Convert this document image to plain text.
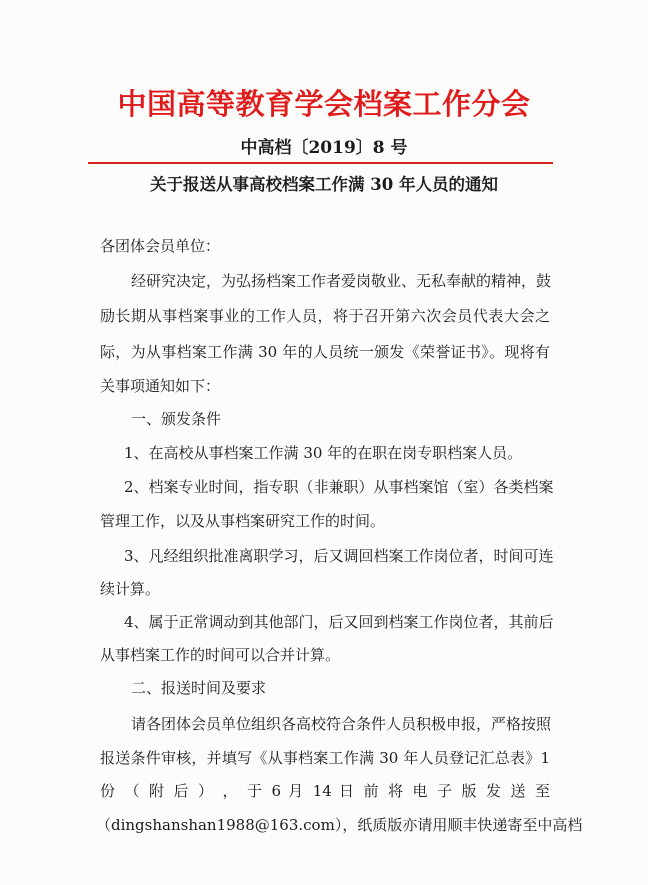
中国高等教育学会档案工作分会
中高档〔2019〕8 号
关于报送从事高校档案工作满 30 年人员的通知
各团体会员单位：
经研究决定，为弘扬档案工作者爱岗敬业、无私奉献的精神，鼓
励长期从事档案事业的工作人员，将于召开第六次会员代表大会之
际，为从事档案工作满 30 年的人员统一颁发《荣誉证书》。现将有
关事项通知如下：
一、颁发条件
1、在高校从事档案工作满 30 年的在职在岗专职档案人员。
2、档案专业时间，指专职（非兼职）从事档案馆（室）各类档案
管理工作，以及从事档案研究工作的时间。
3、凡经组织批准离职学习，后又调回档案工作岗位者，时间可连
续计算。
4、属于正常调动到其他部门，后又回到档案工作岗位者，其前后
从事档案工作的时间可以合并计算。
二、报送时间及要求
请各团体会员单位组织各高校符合条件人员积极申报，严格按照
报送条件审核，并填写《从事档案工作满 30 年人员登记汇总表》1
份 （ 附 后 ） ， 于 6 月 14 日 前 将 电 子 版 发 送 至
（dingshanshan1988@163.com），纸质版亦请用顺丰快递寄至中高档
